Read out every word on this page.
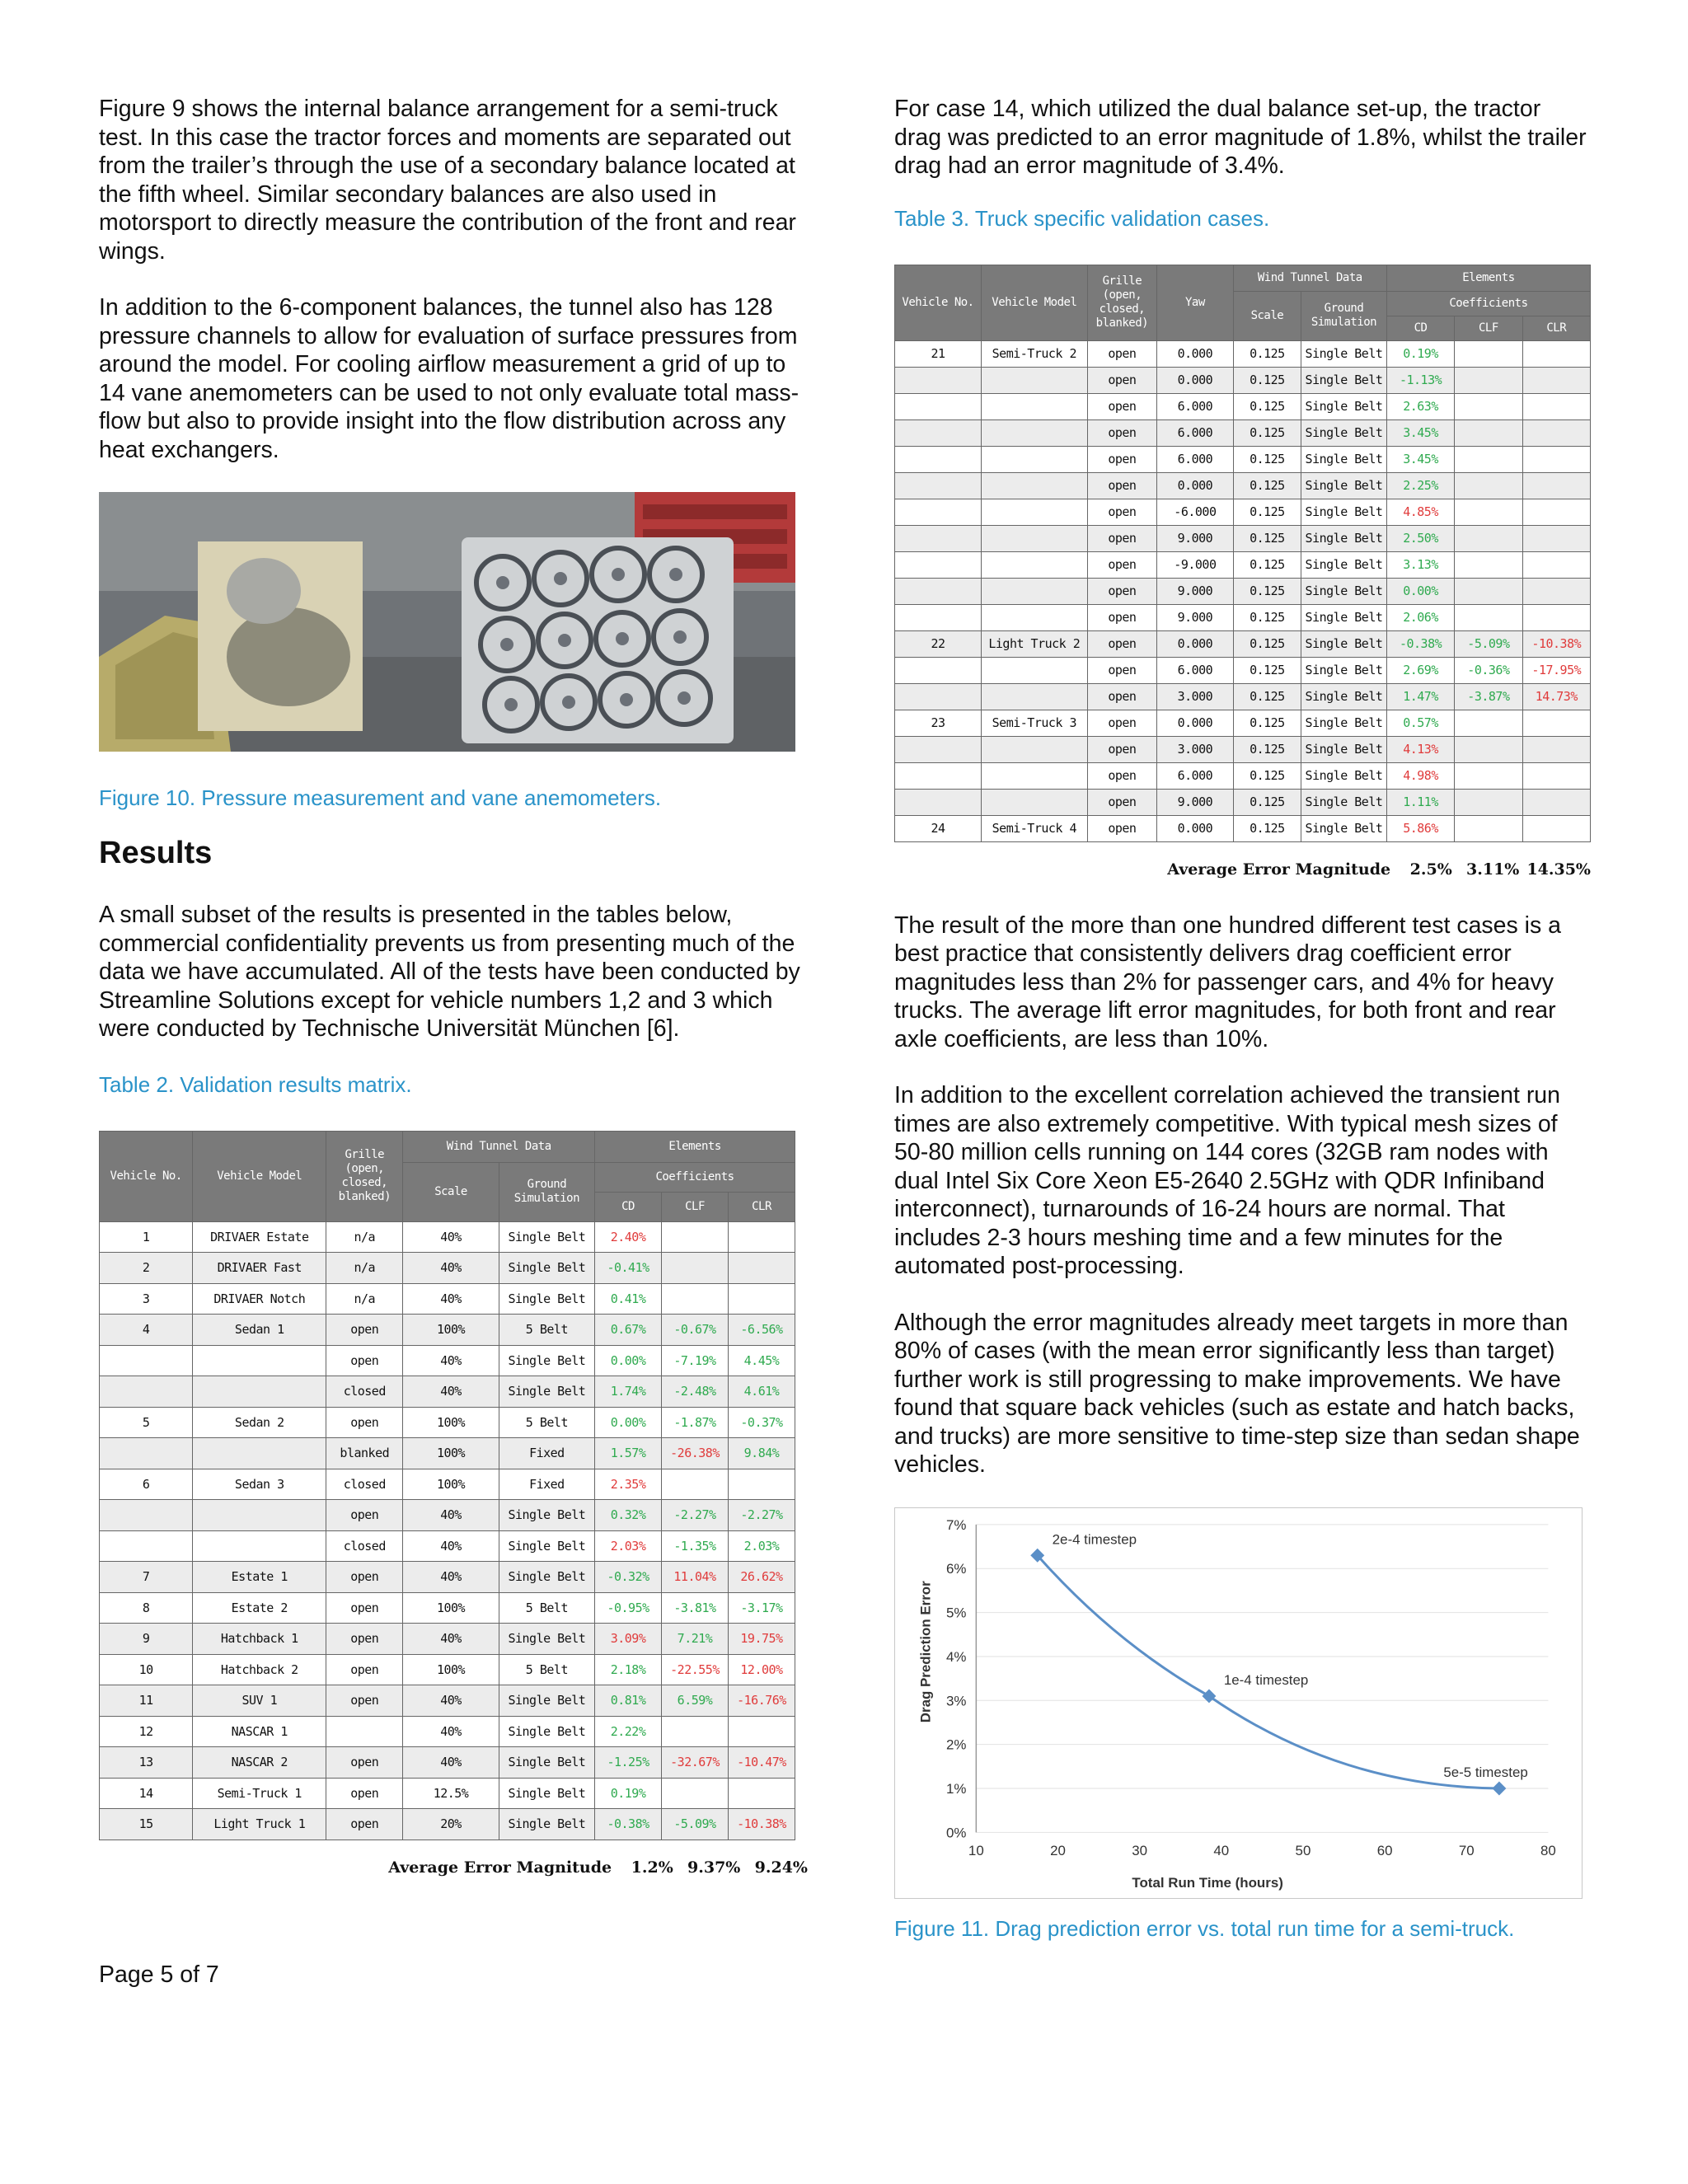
Figure 9 shows the internal balance arrangement for a semi-truck test. In this case the tractor forces and moments are separated out from the trailer’s through the use of a secondary balance located at the fifth wheel. Similar secondary balances are also used in motorsport to directly measure the contribution of the front and rear wings.

In addition to the 6-component balances, the tunnel also has 128 pressure channels to allow for evaluation of surface pressures from around the model. For cooling airflow measurement a grid of up to 14 vane anemometers can be used to not only evaluate total mass-flow but also to provide insight into the flow distribution across any heat exchangers.

Figure 10. Pressure measurement and vane anemometers.
Results

A small subset of the results is presented in the tables below, commercial confidentiality prevents us from presenting much of the data we have accumulated. All of the tests have been conducted by Streamline Solutions except for vehicle numbers 1,2 and 3 which were conducted by Technische Universität München [6].

Table 2. Validation results matrix.
Vehicle No.	Vehicle Model	Grille (open, closed, blanked)	Wind Tunnel Data		Elements		
			Scale	Ground Simulation	Coefficients		
					CD	CLF	CLR
1	DRIVAER Estate	n/a	40%	Single Belt	2.40%		
2	DRIVAER Fast	n/a	40%	Single Belt	-0.41%		
3	DRIVAER Notch	n/a	40%	Single Belt	0.41%		
4	Sedan 1	open	100%	5 Belt	0.67%	-0.67%	-6.56%
		open	40%	Single Belt	0.00%	-7.19%	4.45%
		closed	40%	Single Belt	1.74%	-2.48%	4.61%
5	Sedan 2	open	100%	5 Belt	0.00%	-1.87%	-0.37%
		blanked	100%	Fixed	1.57%	-26.38%	9.84%
6	Sedan 3	closed	100%	Fixed	2.35%		
		open	40%	Single Belt	0.32%	-2.27%	-2.27%
		closed	40%	Single Belt	2.03%	-1.35%	2.03%
7	Estate 1	open	40%	Single Belt	-0.32%	11.04%	26.62%
8	Estate 2	open	100%	5 Belt	-0.95%	-3.81%	-3.17%
9	Hatchback 1	open	40%	Single Belt	3.09%	7.21%	19.75%
10	Hatchback 2	open	100%	5 Belt	2.18%	-22.55%	12.00%
11	SUV 1	open	40%	Single Belt	0.81%	6.59%	-16.76%
12	NASCAR 1		40%	Single Belt	2.22%		
13	NASCAR 2	open	40%	Single Belt	-1.25%	-32.67%	-10.47%
14	Semi-Truck 1	open	12.5%	Single Belt	0.19%		
15	Light Truck 1	open	20%	Single Belt	-0.38%	-5.09%	-10.38%
Average Error Magnitude 1.2% 9.37% 9.24%

For case 14, which utilized the dual balance set-up, the tractor drag was predicted to an error magnitude of 1.8%, whilst the trailer drag had an error magnitude of 3.4%.

Table 3. Truck specific validation cases.
Vehicle No.	Vehicle Model	Grille (open, closed, blanked)	Yaw	Wind Tunnel Data		Elements		
				Scale	Ground Simulation	Coefficients		
						CD	CLF	CLR
21	Semi-Truck 2	open	0.000	0.125	Single Belt	0.19%		
		open	0.000	0.125	Single Belt	-1.13%		
		open	6.000	0.125	Single Belt	2.63%		
		open	6.000	0.125	Single Belt	3.45%		
		open	6.000	0.125	Single Belt	3.45%		
		open	0.000	0.125	Single Belt	2.25%		
		open	-6.000	0.125	Single Belt	4.85%		
		open	9.000	0.125	Single Belt	2.50%		
		open	-9.000	0.125	Single Belt	3.13%		
		open	9.000	0.125	Single Belt	0.00%		
		open	9.000	0.125	Single Belt	2.06%		
22	Light Truck 2	open	0.000	0.125	Single Belt	-0.38%	-5.09%	-10.38%
		open	6.000	0.125	Single Belt	2.69%	-0.36%	-17.95%
		open	3.000	0.125	Single Belt	1.47%	-3.87%	14.73%
23	Semi-Truck 3	open	0.000	0.125	Single Belt	0.57%		
		open	3.000	0.125	Single Belt	4.13%		
		open	6.000	0.125	Single Belt	4.98%		
		open	9.000	0.125	Single Belt	1.11%		
24	Semi-Truck 4	open	0.000	0.125	Single Belt	5.86%		
Average Error Magnitude 2.5% 3.11% 14.35%

The result of the more than one hundred different test cases is a best practice that consistently delivers drag coefficient error magnitudes less than 2% for passenger cars, and 4% for heavy trucks. The average lift error magnitudes, for both front and rear axle coefficients, are less than 10%.

In addition to the excellent correlation achieved the transient run times are also extremely competitive. With typical mesh sizes of 50-80 million cells running on 144 cores (32GB ram nodes with dual Intel Six Core Xeon E5-2640 2.5GHz with QDR Infiniband interconnect), turnarounds of 16-24 hours are normal. That includes 2-3 hours meshing time and a few minutes for the automated post-processing.

Although the error magnitudes already meet targets in more than 80% of cases (with the mean error significantly less than target) further work is still progressing to make improvements. We have found that square back vehicles (such as estate and hatch backs, and trucks) are more sensitive to time-step size than sedan shape vehicles.

0%
1%
2%
3%
4%
5%
6%
7%
10	20	30	40	50	60	70	80
2e-4 timestep
1e-4 timestep
5e-5 timestep
Total Run Time (hours)
Drag Prediction Error
Figure 11. Drag prediction error vs. total run time for a semi-truck.
Page 5 of 7
